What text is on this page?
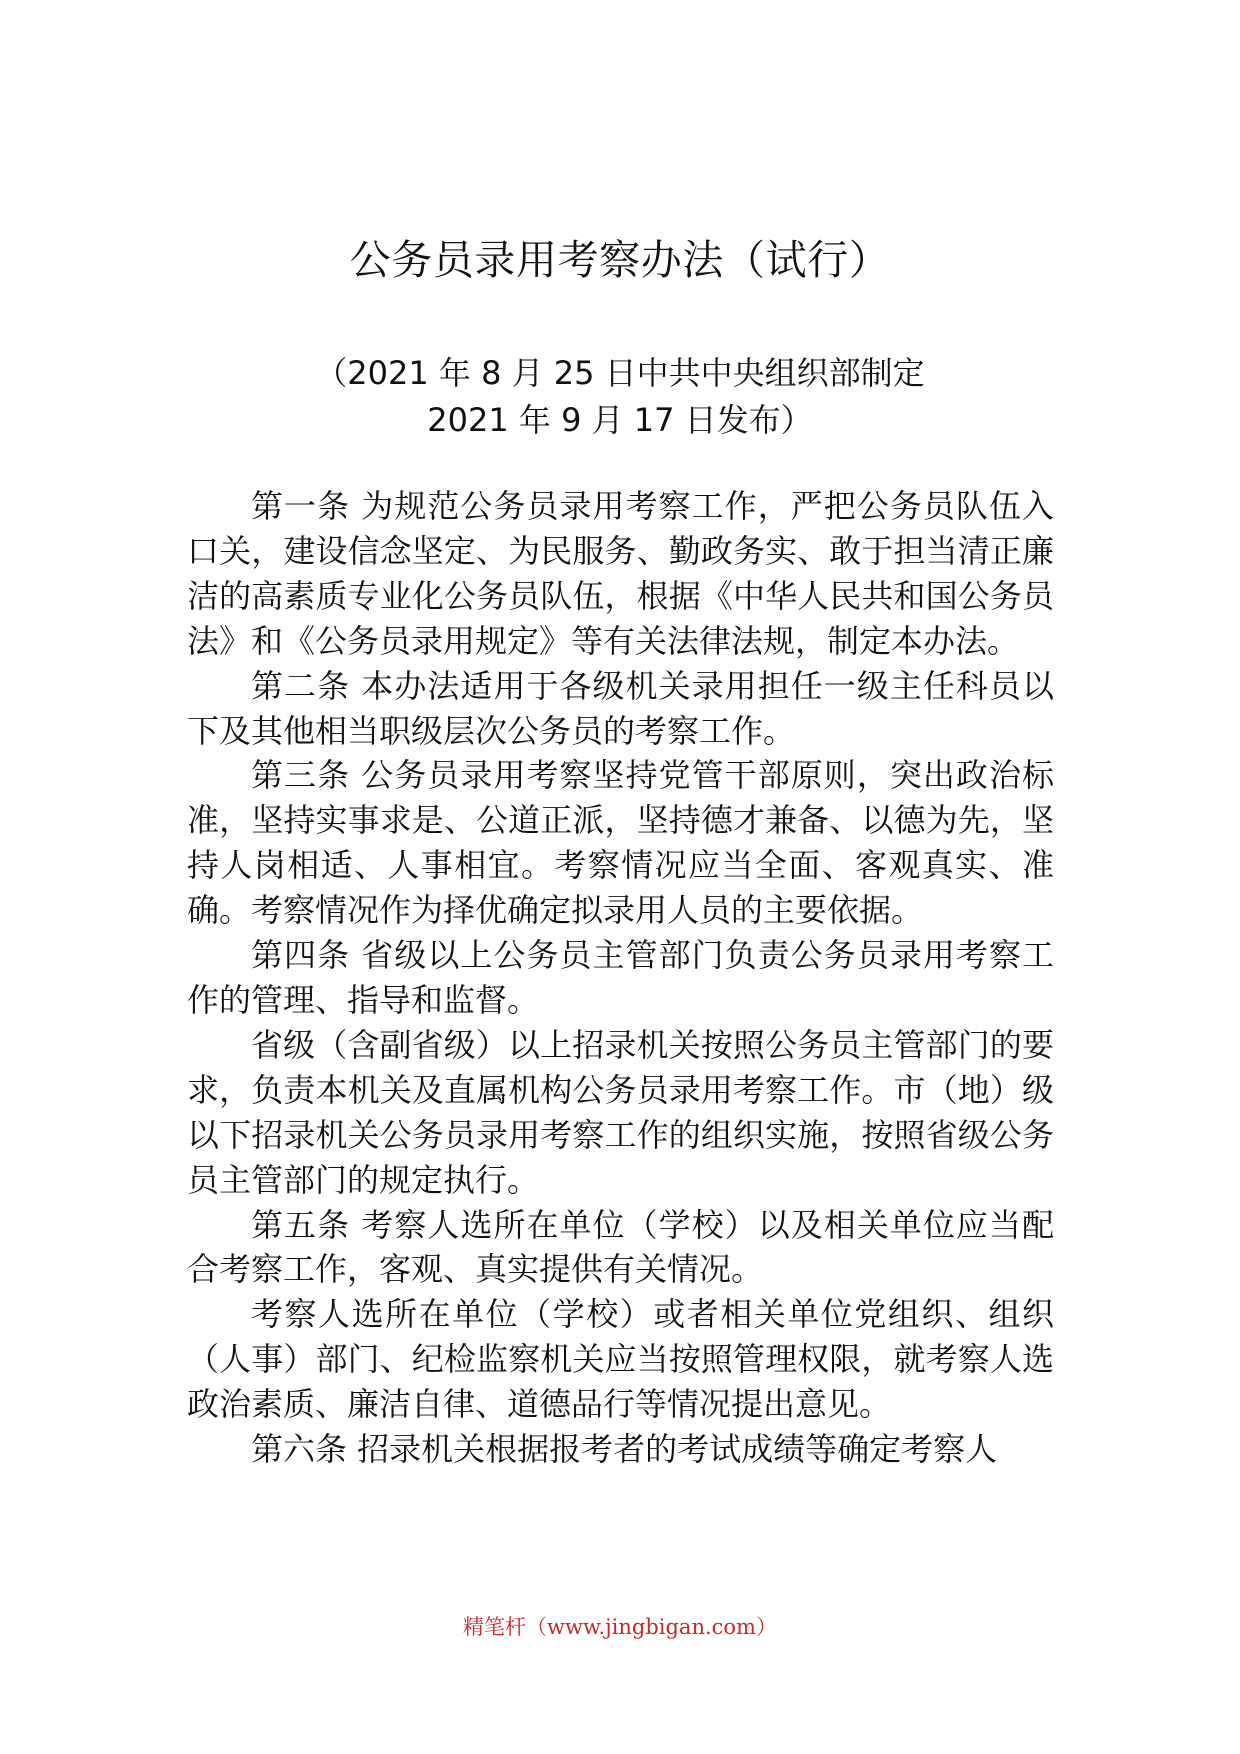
公务员录用考察办法（试行）
（2021 年 8 月 25 日中共中央组织部制定
2021 年 9 月 17 日发布）

第一条 为规范公务员录用考察工作，严把公务员队伍入口关，建设信念坚定、为民服务、勤政务实、敢于担当清正廉洁的高素质专业化公务员队伍，根据《中华人民共和国公务员法》和《公务员录用规定》等有关法律法规，制定本办法。

第二条 本办法适用于各级机关录用担任一级主任科员以下及其他相当职级层次公务员的考察工作。

第三条 公务员录用考察坚持党管干部原则，突出政治标准，坚持实事求是、公道正派，坚持德才兼备、以德为先，坚持人岗相适、人事相宜。考察情况应当全面、客观真实、准确。考察情况作为择优确定拟录用人员的主要依据。

第四条 省级以上公务员主管部门负责公务员录用考察工作的管理、指导和监督。

省级（含副省级）以上招录机关按照公务员主管部门的要求，负责本机关及直属机构公务员录用考察工作。市（地）级以下招录机关公务员录用考察工作的组织实施，按照省级公务员主管部门的规定执行。

第五条 考察人选所在单位（学校）以及相关单位应当配合考察工作，客观、真实提供有关情况。

考察人选所在单位（学校）或者相关单位党组织、组织（人事）部门、纪检监察机关应当按照管理权限，就考察人选政治素质、廉洁自律、道德品行等情况提出意见。

第六条 招录机关根据报考者的考试成绩等确定考察人

精笔杆（www.jingbigan.com）
